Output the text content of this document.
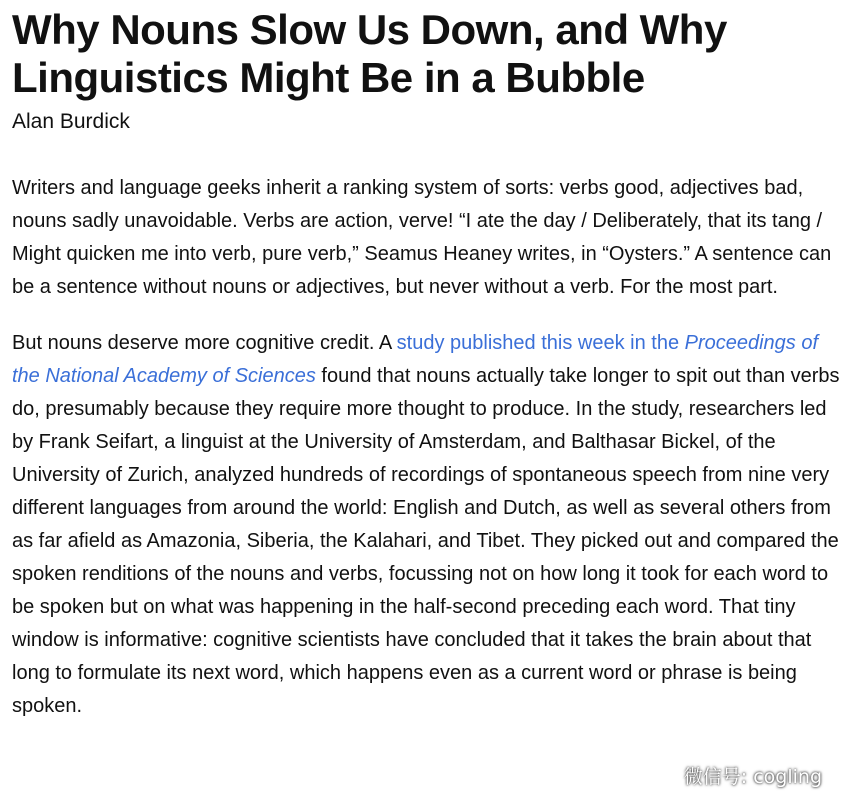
Why Nouns Slow Us Down, and Why Linguistics Might Be in a Bubble

Alan Burdick

Writers and language geeks inherit a ranking system of sorts: verbs good, adjectives bad, nouns sadly unavoidable. Verbs are action, verve! “I ate the day / Deliberately, that its tang / Might quicken me into verb, pure verb,” Seamus Heaney writes, in “Oysters.” A sentence can be a sentence without nouns or adjectives, but never without a verb. For the most part.

But nouns deserve more cognitive credit. A study published this week in the Proceedings of the National Academy of Sciences found that nouns actually take longer to spit out than verbs do, presumably because they require more thought to produce. In the study, researchers led by Frank Seifart, a linguist at the University of Amsterdam, and Balthasar Bickel, of the University of Zurich, analyzed hundreds of recordings of spontaneous speech from nine very different languages from around the world: English and Dutch, as well as several others from as far afield as Amazonia, Siberia, the Kalahari, and Tibet. They picked out and compared the spoken renditions of the nouns and verbs, focussing not on how long it took for each word to be spoken but on what was happening in the half-second preceding each word. That tiny window is informative: cognitive scientists have concluded that it takes the brain about that long to formulate its next word, which happens even as a current word or phrase is being spoken.

微信号: cogling
